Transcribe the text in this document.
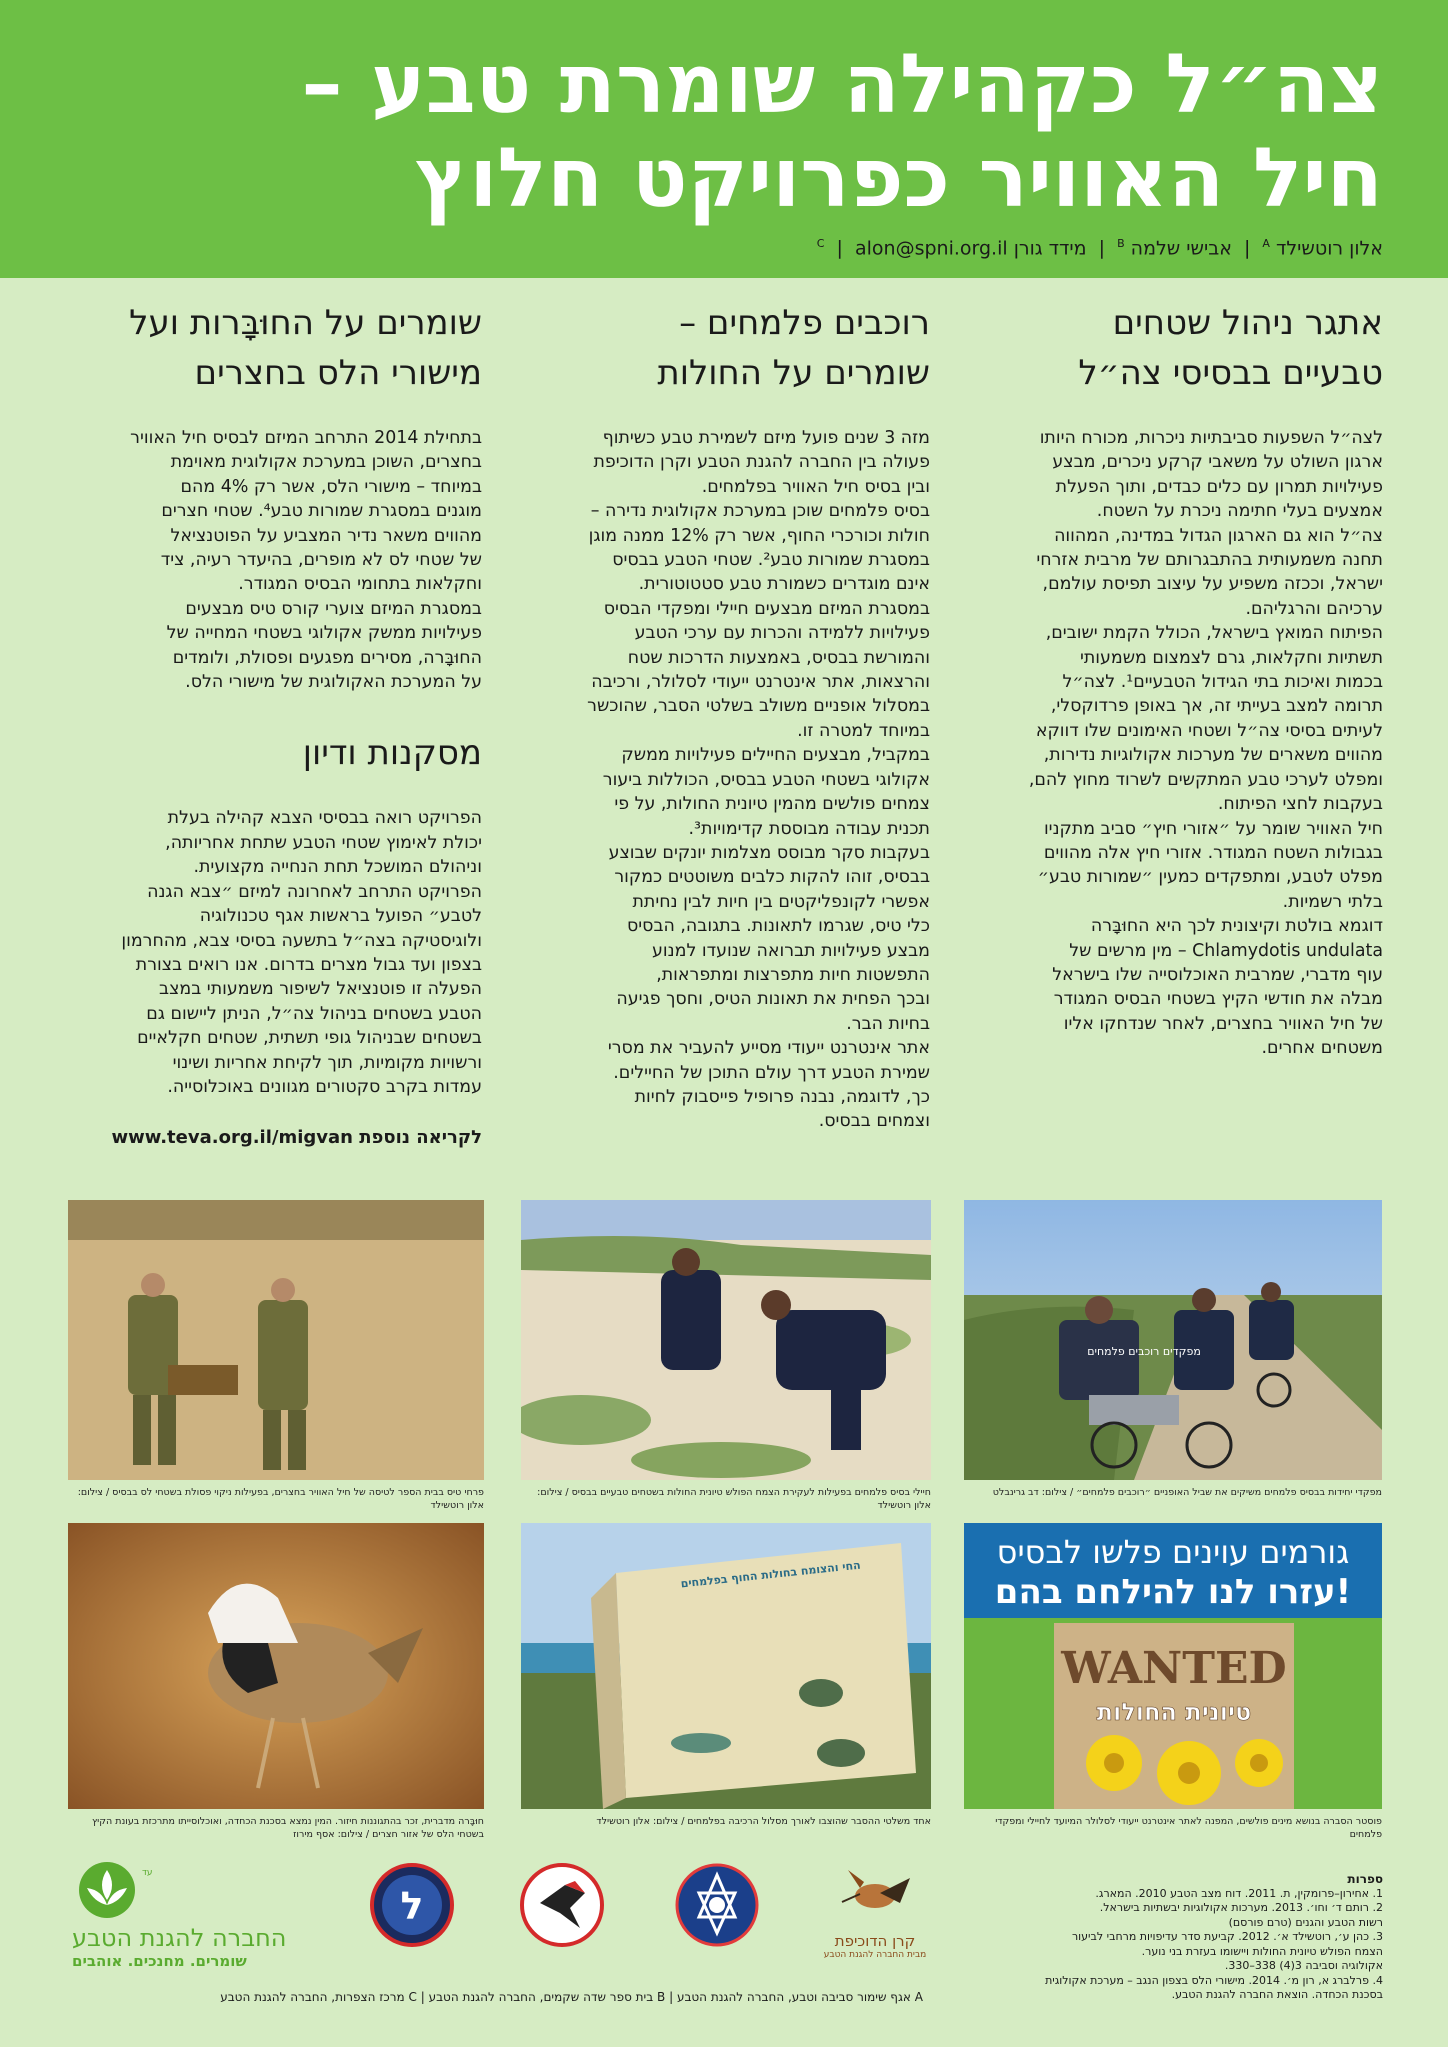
צה״ל כקהילה שומרת טבע –
חיל האוויר כפרויקט חלוץ
אלון רוטשילד $^A$ | אבישי שלמה $^B$ | מידד גורן $^C$ | alon@spni.org.il
אתגר ניהול שטחים
טבעיים בבסיסי צה״ל

לצה״ל השפעות סביבתיות ניכרות, מכורח היותו
ארגון השולט על משאבי קרקע ניכרים, מבצע
פעילויות תמרון עם כלים כבדים, ותוך הפעלת
אמצעים בעלי חתימה ניכרת על השטח.
צה״ל הוא גם הארגון הגדול במדינה, המהווה
תחנה משמעותית בהתבגרותם של מרבית אזרחי
ישראל, וככזה משפיע על עיצוב תפיסת עולמם,
ערכיהם והרגליהם.
הפיתוח המואץ בישראל, הכולל הקמת ישובים,
תשתיות וחקלאות, גרם לצמצום משמעותי
בכמות ואיכות בתי הגידול הטבעיים¹. לצה״ל
תרומה למצב בעייתי זה, אך באופן פרדוקסלי,
לעיתים בסיסי צה״ל ושטחי האימונים שלו דווקא
מהווים משארים של מערכות אקולוגיות נדירות,
ומפלט לערכי טבע המתקשים לשרוד מחוץ להם,
בעקבות לחצי הפיתוח.
חיל האוויר שומר על ״אזורי חיץ״ סביב מתקניו
בגבולות השטח המגודר. אזורי חיץ אלה מהווים
מפלט לטבע, ומתפקדים כמעין ״שמורות טבע״
בלתי רשמיות.
דוגמא בולטת וקיצונית לכך היא החוּבָּרה
Chlamydotis undulata – מין מרשים של
עוף מדברי, שמרבית האוכלוסייה שלו בישראל
מבלה את חודשי הקיץ בשטחי הבסיס המגודר
של חיל האוויר בחצרים, לאחר שנדחקו אליו
משטחים אחרים.

רוכבים פלמחים –
שומרים על החולות

מזה 3 שנים פועל מיזם לשמירת טבע כשיתוף
פעולה בין החברה להגנת הטבע וקרן הדוכיפת
ובין בסיס חיל האוויר בפלמחים.
בסיס פלמחים שוכן במערכת אקולוגית נדירה –
חולות וכורכרי החוף, אשר רק 12% ממנה מוגן
במסגרת שמורות טבע². שטחי הטבע בבסיס
אינם מוגדרים כשמורת טבע סטטוטורית.
במסגרת המיזם מבצעים חיילי ומפקדי הבסיס
פעילויות ללמידה והכרות עם ערכי הטבע
והמורשת בבסיס, באמצעות הדרכות שטח
והרצאות, אתר אינטרנט ייעודי לסלולר, ורכיבה
במסלול אופניים משולב בשלטי הסבר, שהוכשר
במיוחד למטרה זו.
במקביל, מבצעים החיילים פעילויות ממשק
אקולוגי בשטחי הטבע בבסיס, הכוללות ביעור
צמחים פולשים מהמין טיונית החולות, על פי
תכנית עבודה מבוססת קדימויות³.
בעקבות סקר מבוסס מצלמות יונקים שבוצע
בבסיס, זוהו להקות כלבים משוטטים כמקור
אפשרי לקונפליקטים בין חיות לבין נחיתת
כלי טיס, שגרמו לתאונות. בתגובה, הבסיס
מבצע פעילויות תברואה שנועדו למנוע
התפשטות חיות מתפרצות ומתפראות,
ובכך הפחית את תאונות הטיס, וחסך פגיעה
בחיות הבר.
אתר אינטרנט ייעודי מסייע להעביר את מסרי
שמירת הטבע דרך עולם התוכן של החיילים.
כך, לדוגמה, נבנה פרופיל פייסבוק לחיות
וצמחים בבסיס.

שומרים על החוּבָּרות ועל
מישורי הלס בחצרים

בתחילת 2014 התרחב המיזם לבסיס חיל האוויר
בחצרים, השוכן במערכת אקולוגית מאוימת
במיוחד – מישורי הלס, אשר רק 4% מהם
מוגנים במסגרת שמורות טבע⁴. שטחי חצרים
מהווים משאר נדיר המצביע על הפוטנציאל
של שטחי לס לא מופרים, בהיעדר רעיה, ציד
וחקלאות בתחומי הבסיס המגודר.
במסגרת המיזם צוערי קורס טיס מבצעים
פעילויות ממשק אקולוגי בשטחי המחייה של
החוּבָּרה, מסירים מפגעים ופסולת, ולומדים
על המערכת האקולוגית של מישורי הלס.

מסקנות ודיון

הפרויקט רואה בבסיסי הצבא קהילה בעלת
יכולת לאימוץ שטחי הטבע שתחת אחריותה,
וניהולם המושכל תחת הנחייה מקצועית.
הפרויקט התרחב לאחרונה למיזם ״צבא הגנה
לטבע״ הפועל בראשות אגף טכנולוגיה
ולוגיסטיקה בצה״ל בתשעה בסיסי צבא, מהחרמון
בצפון ועד גבול מצרים בדרום. אנו רואים בצורת
הפעלה זו פוטנציאל לשיפור משמעותי במצב
הטבע בשטחים בניהול צה״ל, הניתן ליישום גם
בשטחים שבניהול גופי תשתית, שטחים חקלאיים
ורשויות מקומיות, תוך לקיחת אחריות ושינוי
עמדות בקרב סקטורים מגוונים באוכלוסייה.

לקריאה נוספת www.teva.org.il/migvan
מפקדים רוכבים פלמחים
מפקדי יחידות בבסיס פלמחים משיקים את שביל האופניים ״רוכבים פלמחים״ / צילום: דב גרינבלט
חיילי בסיס פלמחים בפעילות לעקירת הצמח הפולש טיונית החולות בשטחים טבעיים בבסיס / צילום: אלון רוטשילד
פרחי טיס בבית הספר לטיסה של חיל האוויר בחצרים, בפעילות ניקוי פסולת בשטחי לס בבסיס / צילום: אלון רוטשילד
גורמים עוינים פלשו לבסיס
עזרו לנו להילחם בהם!
WANTED
טיונית החולות
פוסטר הסברה בנושא מינים פולשים, המפנה לאתר אינטרנט ייעודי לסלולר המיועד לחיילי ומפקדי פלמחים
החי והצומח בחולות החוף בפלמחים
אחד משלטי ההסבר שהוצבו לאורך מסלול הרכיבה בפלמחים / צילום: אלון רוטשילד
חוּבָּרה מדברית, זכר בהתגוננות חיזור. המין נמצא בסכנת הכחדה, ואוכלוסייתו מתרכזת בעונת הקיץ בשטחי הלס של אזור חצרים / צילום: אסף מירוז
ספרות
1. אחירון–פרומקין, ת. 2011. דוח מצב הטבע 2010. המארג.
2. רותם ד׳ וחו׳. 2013. מערכות אקולוגיות יבשתיות בישראל.
רשות הטבע והגנים (טרם פורסם)
3. כהן ע׳, רוטשילד א׳. 2012. קביעת סדר עדיפויות מרחבי לביעור
הצמח הפולש טיונית החולות ויישומו בעזרת בני נוער.
אקולוגיה וסביבה 3(4) 338–330.
4. פרלברג א, רון מ׳. 2014. מישורי הלס בצפון הנגב – מערכת אקולוגית
בסכנת הכחדה. הוצאת החברה להגנת הטבע.
קרן הדוכיפת
מבית החברה להגנת הטבע
ל
החברה להגנת הטבע
שומרים. מחנכים. אוהבים
עד
A אגף שימור סביבה וטבע, החברה להגנת הטבע | B בית ספר שדה שקמים, החברה להגנת הטבע | C מרכז הצפרות, החברה להגנת הטבע
